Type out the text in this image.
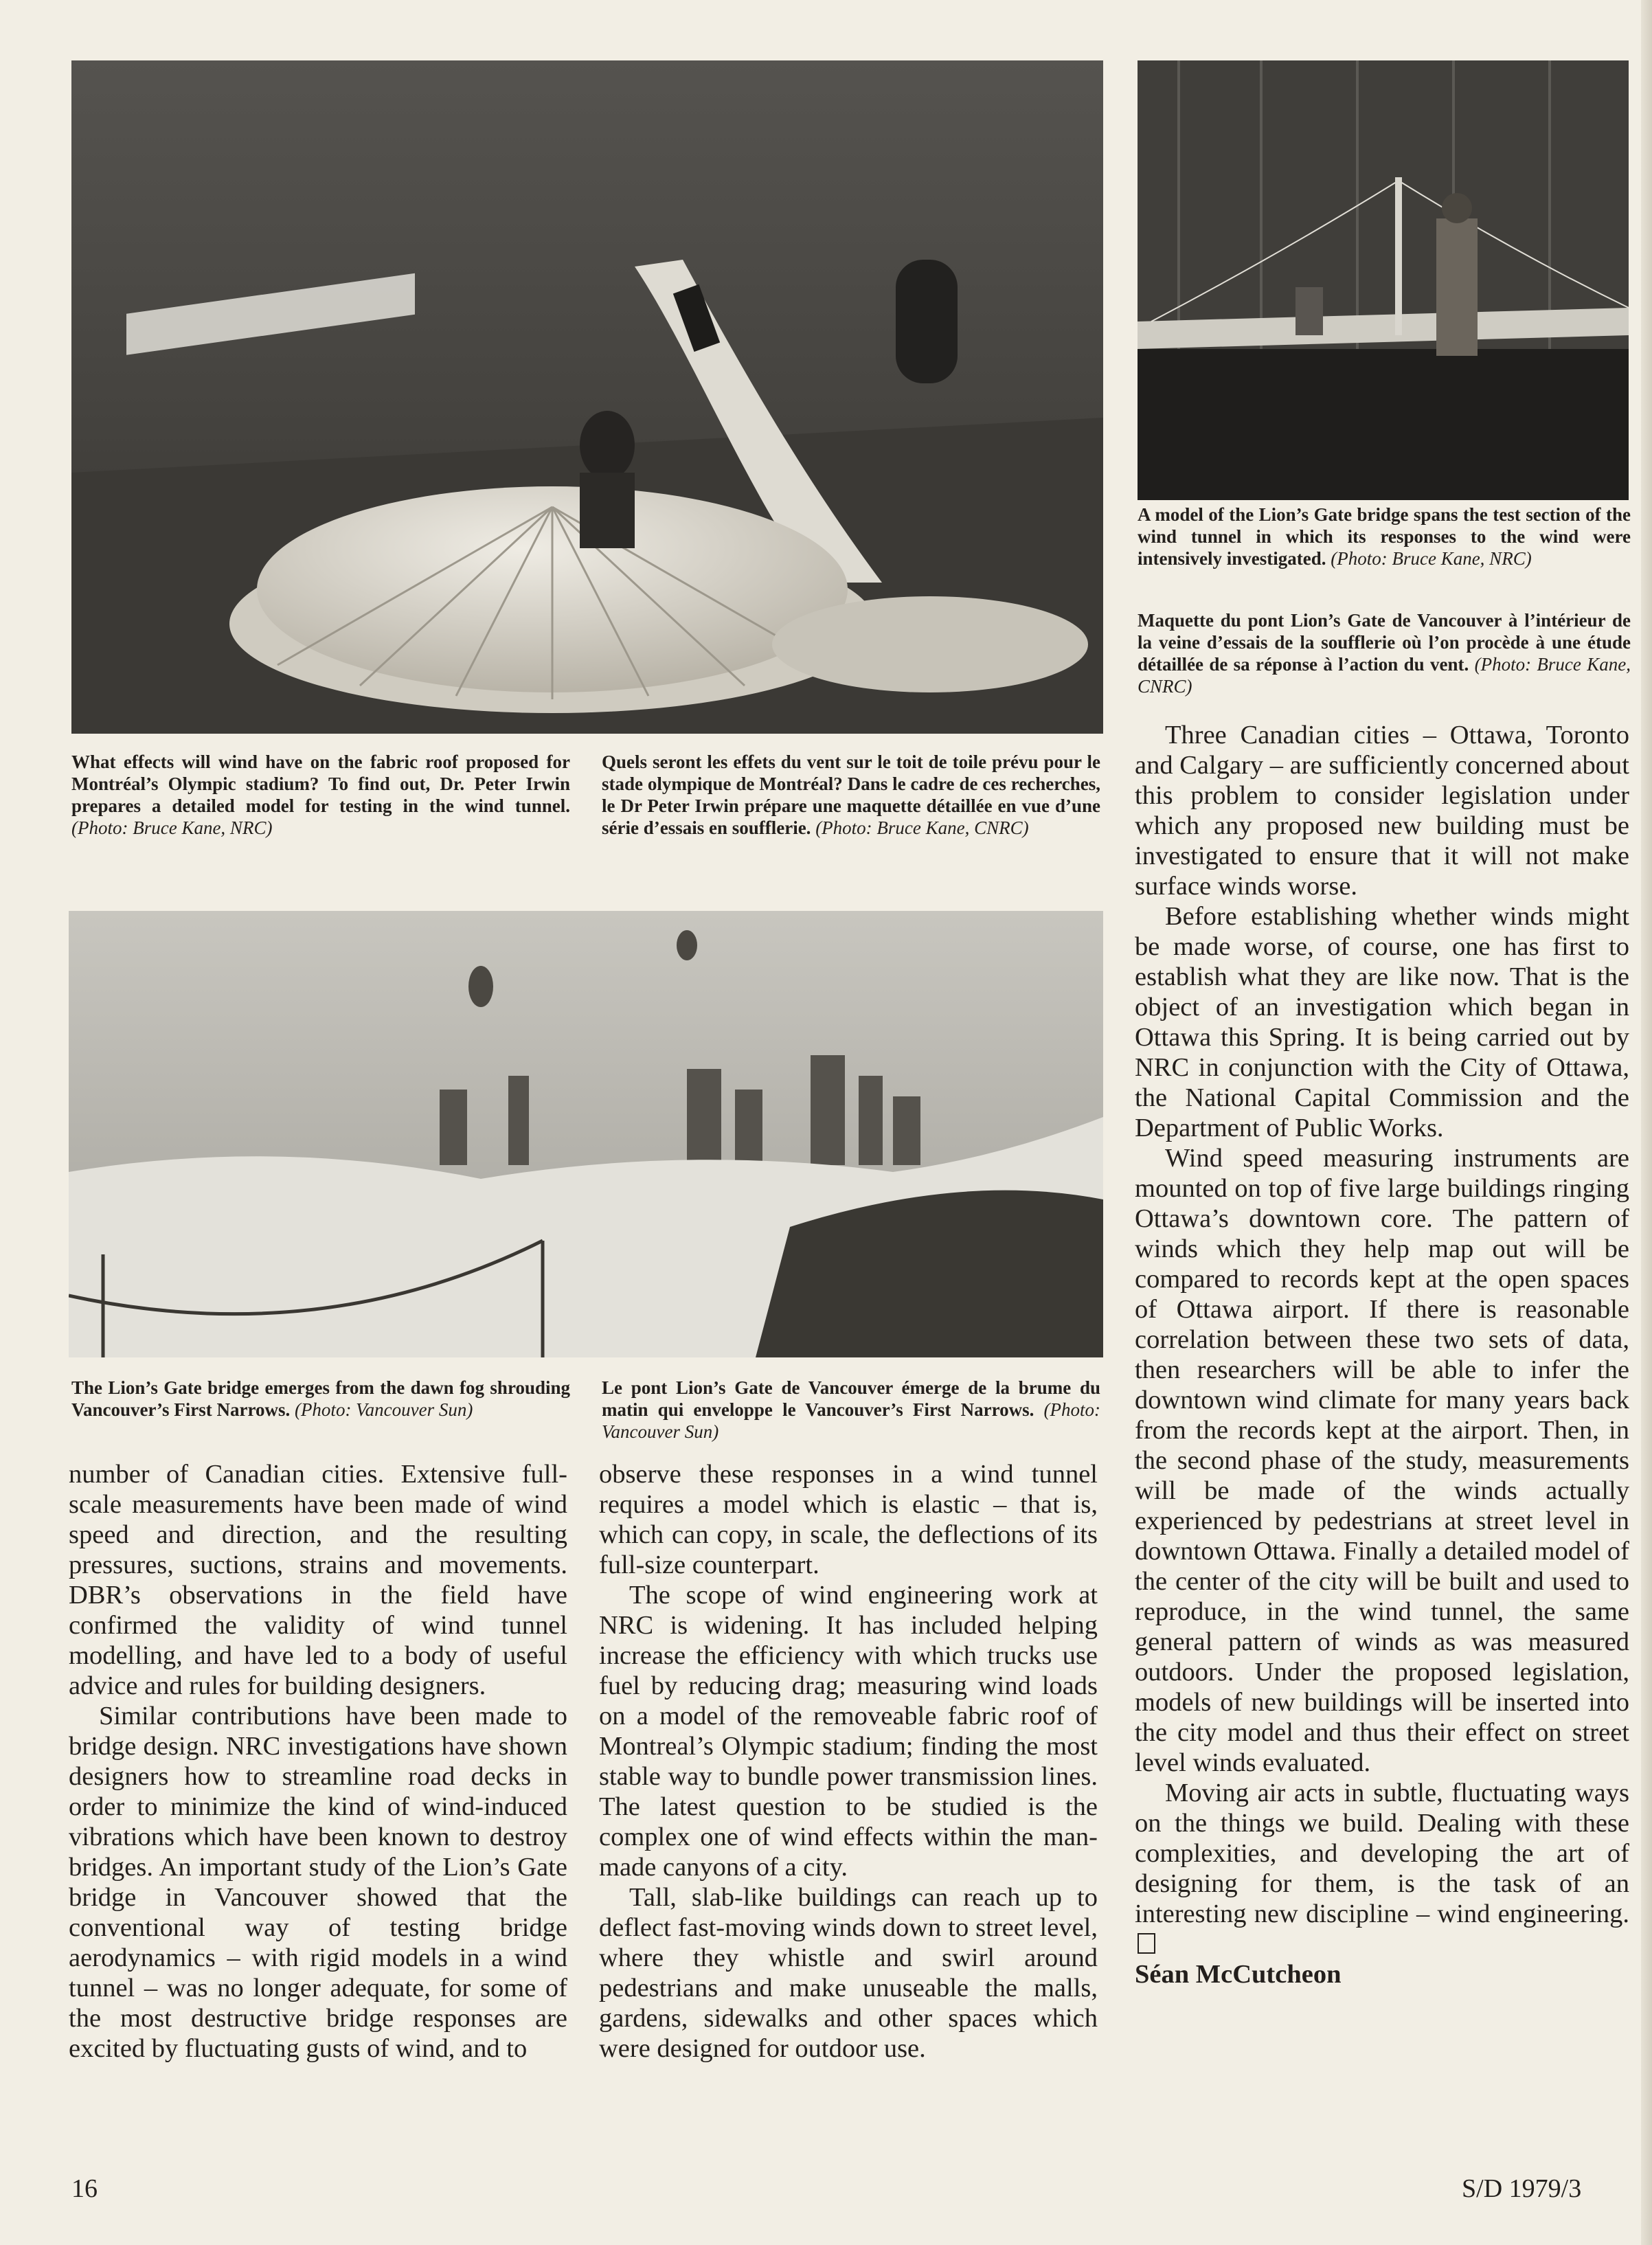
What effects will wind have on the fabric roof proposed for Montréal’s Olympic stadium? To find out, Dr. Peter Irwin prepares a detailed model for testing in the wind tunnel. (Photo: Bruce Kane, NRC)

Quels seront les effets du vent sur le toit de toile prévu pour le stade olympique de Montréal? Dans le cadre de ces recherches, le Dr Peter Irwin prépare une maquette détaillée en vue d’une série d’essais en soufflerie. (Photo: Bruce Kane, CNRC)

A model of the Lion’s Gate bridge spans the test section of the wind tunnel in which its responses to the wind were intensively investigated. (Photo: Bruce Kane, NRC)

Maquette du pont Lion’s Gate de Vancouver à l’intérieur de la veine d’essais de la soufflerie où l’on procède à une étude détaillée de sa réponse à l’action du vent. (Photo: Bruce Kane, CNRC)

The Lion’s Gate bridge emerges from the dawn fog shrouding Vancouver’s First Narrows. (Photo: Vancouver Sun)

Le pont Lion’s Gate de Vancouver émerge de la brume du matin qui enveloppe le Vancouver’s First Narrows. (Photo: Vancouver Sun)

number of Canadian cities. Extensive full-scale measurements have been made of wind speed and direction, and the resulting pressures, suctions, strains and movements. DBR’s observations in the field have confirmed the validity of wind tunnel modelling, and have led to a body of useful advice and rules for building designers.

Similar contributions have been made to bridge design. NRC investigations have shown designers how to streamline road decks in order to minimize the kind of wind-induced vibrations which have been known to destroy bridges. An important study of the Lion’s Gate bridge in Vancouver showed that the conventional way of testing bridge aerodynamics – with rigid models in a wind tunnel – was no longer adequate, for some of the most destructive bridge responses are excited by fluctuating gusts of wind, and to

observe these responses in a wind tunnel requires a model which is elastic – that is, which can copy, in scale, the deflections of its full-size counterpart.

The scope of wind engineering work at NRC is widening. It has included helping increase the efficiency with which trucks use fuel by reducing drag; measuring wind loads on a model of the removeable fabric roof of Montreal’s Olympic stadium; finding the most stable way to bundle power transmission lines. The latest question to be studied is the complex one of wind effects within the man-made canyons of a city.

Tall, slab-like buildings can reach up to deflect fast-moving winds down to street level, where they whistle and swirl around pedestrians and make unuseable the malls, gardens, sidewalks and other spaces which were designed for outdoor use.

Three Canadian cities – Ottawa, Toronto and Calgary – are sufficiently concerned about this problem to consider legislation under which any proposed new building must be investigated to ensure that it will not make surface winds worse.

Before establishing whether winds might be made worse, of course, one has first to establish what they are like now. That is the object of an investigation which began in Ottawa this Spring. It is being carried out by NRC in conjunction with the City of Ottawa, the National Capital Commission and the Department of Public Works.

Wind speed measuring instruments are mounted on top of five large buildings ringing Ottawa’s downtown core. The pattern of winds which they help map out will be compared to records kept at the open spaces of Ottawa airport. If there is reasonable correlation between these two sets of data, then researchers will be able to infer the downtown wind climate for many years back from the records kept at the airport. Then, in the second phase of the study, measurements will be made of the winds actually experienced by pedestrians at street level in downtown Ottawa. Finally a detailed model of the center of the city will be built and used to reproduce, in the wind tunnel, the same general pattern of winds as was measured outdoors. Under the proposed legislation, models of new buildings will be inserted into the city model and thus their effect on street level winds evaluated.

Moving air acts in subtle, fluctuating ways on the things we build. Dealing with these complexities, and developing the art of designing for them, is the task of an interesting new discipline – wind engineering.

Séan McCutcheon

16	S/D 1979/3
